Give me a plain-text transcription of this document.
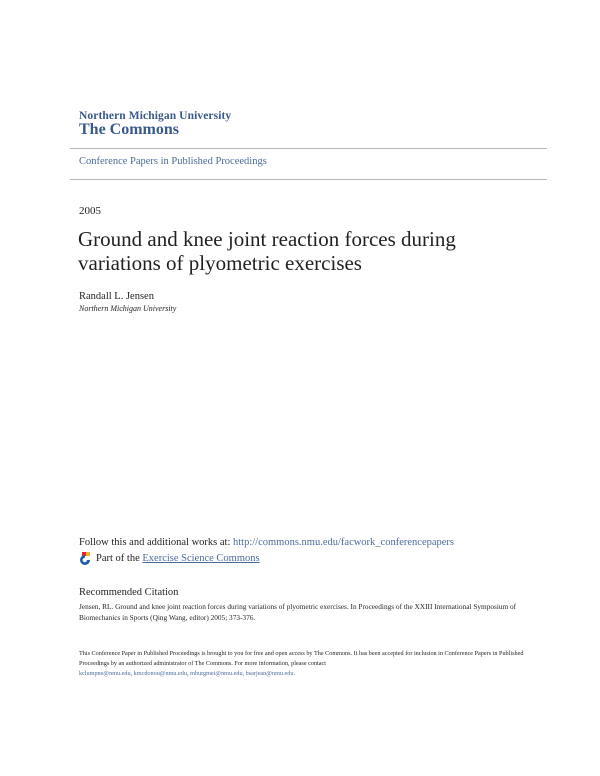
Northern Michigan University
The Commons
Conference Papers in Published Proceedings
2005
Ground and knee joint reaction forces during variations of plyometric exercises
Randall L. Jensen
Northern Michigan University
Follow this and additional works at: http://commons.nmu.edu/facwork_conferencepapers
Part of the
Exercise Science Commons
Recommended Citation
Jensen, RL. Ground and knee joint reaction forces during variations of plyometric exercises. In Proceedings of the XXIII International Symposium of Biomechanics in Sports (Qing Wang, editor) 2005; 373-376.
This Conference Paper in Published Proceedings is brought to you for free and open access by The Commons. It has been accepted for inclusion in Conference Papers in Published Proceedings by an authorized administrator of The Commons. For more information, please contact
kclumpne@nmu.edu, kmcdonou@nmu.edu, mburgmei@nmu.edu, bsarjean@nmu.edu.
